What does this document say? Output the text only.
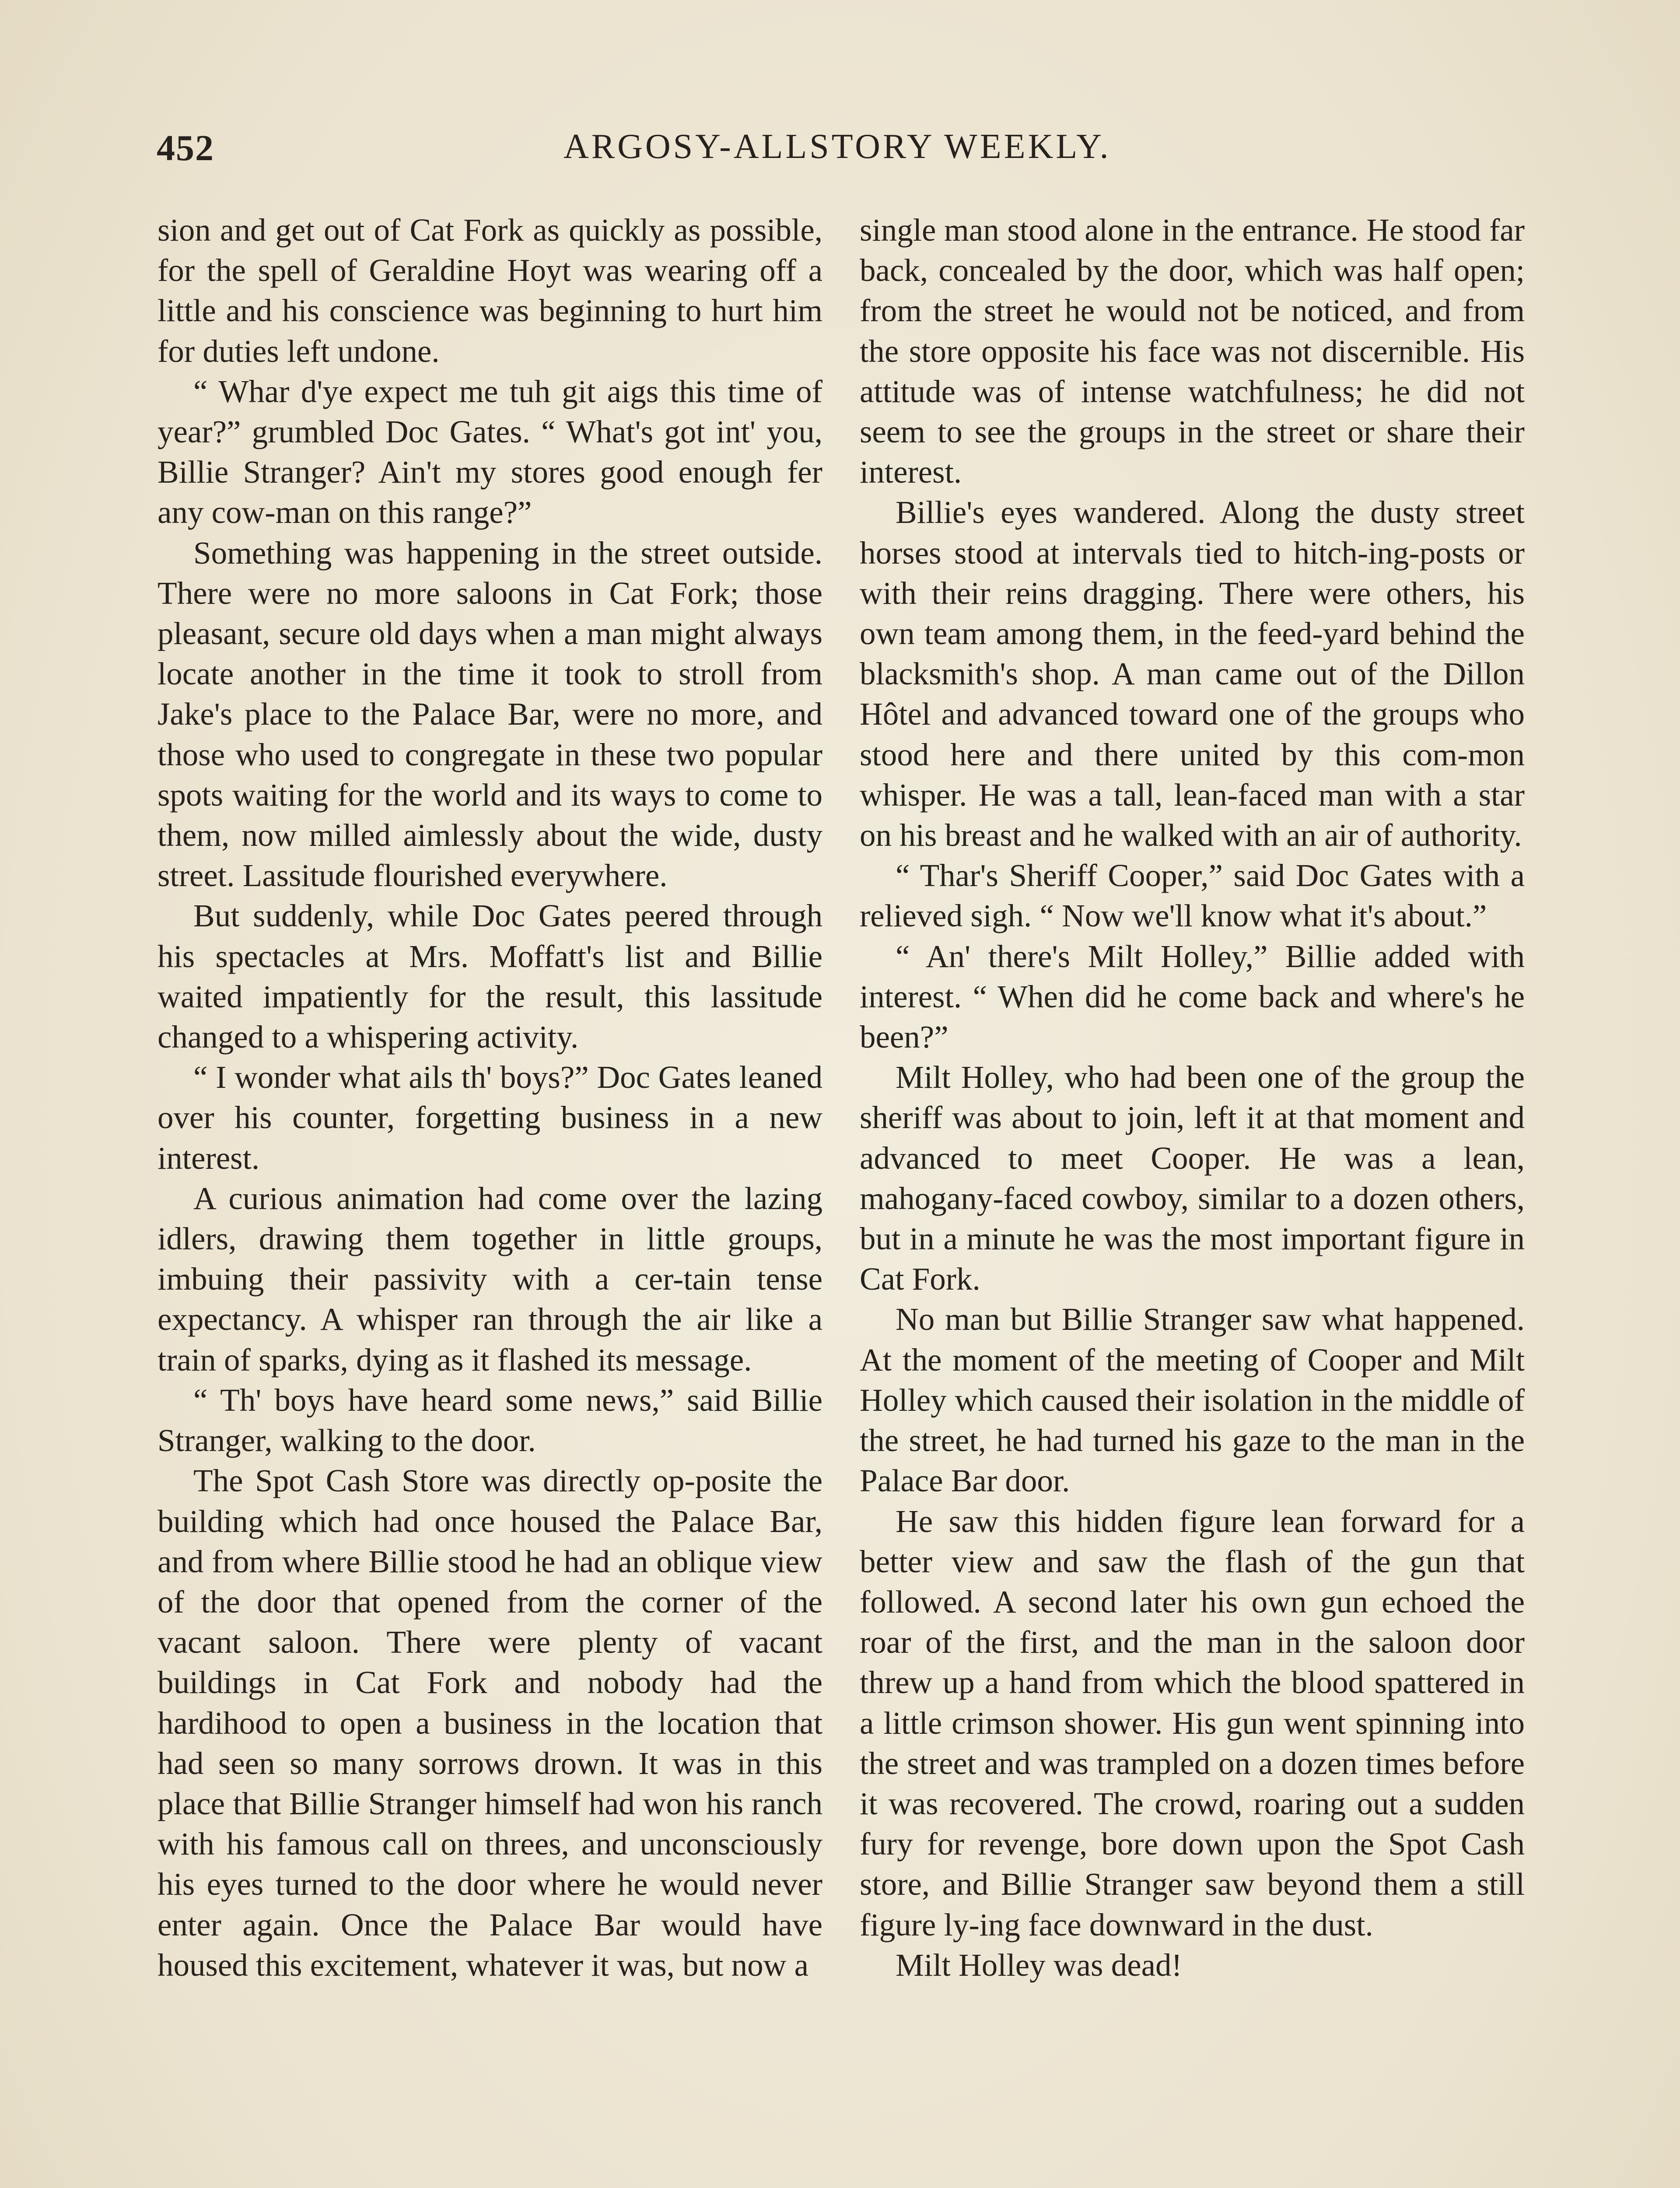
452	ARGOSY-ALLSTORY WEEKLY.

sion and get out of Cat Fork as quickly as possible, for the spell of Geraldine Hoyt was wearing off a little and his conscience was beginning to hurt him for duties left undone.

“ Whar d'ye expect me tuh git aigs this time of year?” grumbled Doc Gates. “ What's got int' you, Billie Stranger? Ain't my stores good enough fer any cow-man on this range?”

Something was happening in the street outside. There were no more saloons in Cat Fork; those pleasant, secure old days when a man might always locate another in the time it took to stroll from Jake's place to the Palace Bar, were no more, and those who used to congregate in these two popular spots waiting for the world and its ways to come to them, now milled aimlessly about the wide, dusty street. Lassitude flourished everywhere.

But suddenly, while Doc Gates peered through his spectacles at Mrs. Moffatt's list and Billie waited impatiently for the result, this lassitude changed to a whispering activity.

“ I wonder what ails th' boys?” Doc Gates leaned over his counter, forgetting business in a new interest.

A curious animation had come over the lazing idlers, drawing them together in little groups, imbuing their passivity with a cer-tain tense expectancy. A whisper ran through the air like a train of sparks, dying as it flashed its message.

“ Th' boys have heard some news,” said Billie Stranger, walking to the door.

The Spot Cash Store was directly op-posite the building which had once housed the Palace Bar, and from where Billie stood he had an oblique view of the door that opened from the corner of the vacant saloon. There were plenty of vacant buildings in Cat Fork and nobody had the hardihood to open a business in the location that had seen so many sorrows drown. It was in this place that Billie Stranger himself had won his ranch with his famous call on threes, and unconsciously his eyes turned to the door where he would never enter again. Once the Palace Bar would have housed this excitement, whatever it was, but now a

single man stood alone in the entrance. He stood far back, concealed by the door, which was half open; from the street he would not be noticed, and from the store opposite his face was not discernible. His attitude was of intense watchfulness; he did not seem to see the groups in the street or share their interest.

Billie's eyes wandered. Along the dusty street horses stood at intervals tied to hitch-ing-posts or with their reins dragging. There were others, his own team among them, in the feed-yard behind the blacksmith's shop. A man came out of the Dillon Hôtel and advanced toward one of the groups who stood here and there united by this com-mon whisper. He was a tall, lean-faced man with a star on his breast and he walked with an air of authority.

“ Thar's Sheriff Cooper,” said Doc Gates with a relieved sigh. “ Now we'll know what it's about.”

“ An' there's Milt Holley,” Billie added with interest. “ When did he come back and where's he been?”

Milt Holley, who had been one of the group the sheriff was about to join, left it at that moment and advanced to meet Cooper. He was a lean, mahogany-faced cowboy, similar to a dozen others, but in a minute he was the most important figure in Cat Fork.

No man but Billie Stranger saw what happened. At the moment of the meeting of Cooper and Milt Holley which caused their isolation in the middle of the street, he had turned his gaze to the man in the Palace Bar door.

He saw this hidden figure lean forward for a better view and saw the flash of the gun that followed. A second later his own gun echoed the roar of the first, and the man in the saloon door threw up a hand from which the blood spattered in a little crimson shower. His gun went spinning into the street and was trampled on a dozen times before it was recovered. The crowd, roaring out a sudden fury for revenge, bore down upon the Spot Cash store, and Billie Stranger saw beyond them a still figure ly-ing face downward in the dust.

Milt Holley was dead!
